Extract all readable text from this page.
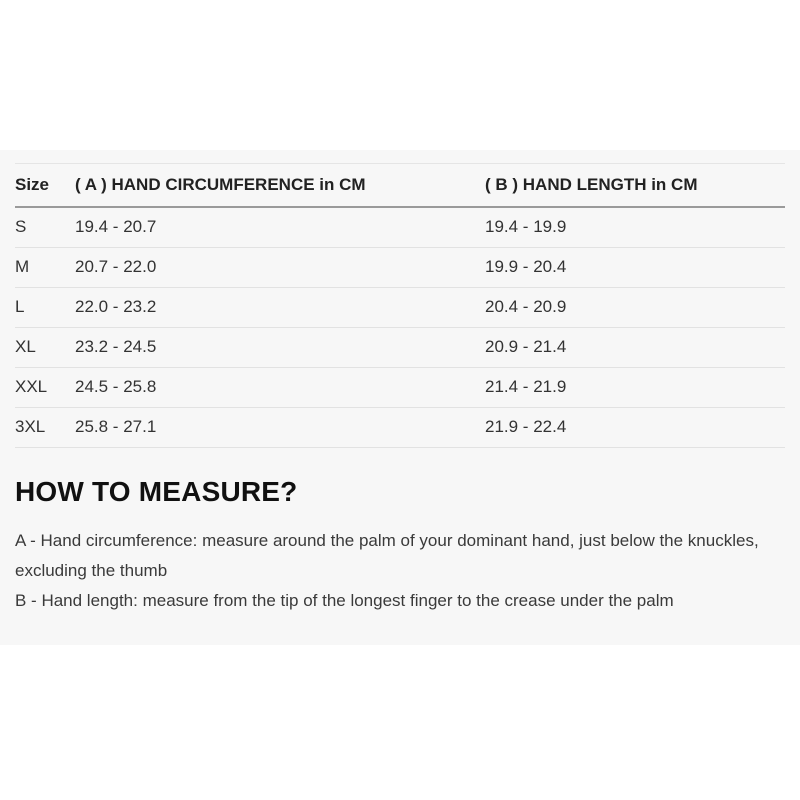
Size	( A ) HAND CIRCUMFERENCE in CM	( B ) HAND LENGTH in CM
S	19.4 - 20.7	19.4 - 19.9
M	20.7 - 22.0	19.9 - 20.4
L	22.0 - 23.2	20.4 - 20.9
XL	23.2 - 24.5	20.9 - 21.4
XXL	24.5 - 25.8	21.4 - 21.9
3XL	25.8 - 27.1	21.9 - 22.4
HOW TO MEASURE?

A - Hand circumference: measure around the palm of your dominant hand, just below the knuckles, excluding the thumb

B - Hand length: measure from the tip of the longest finger to the crease under the palm
